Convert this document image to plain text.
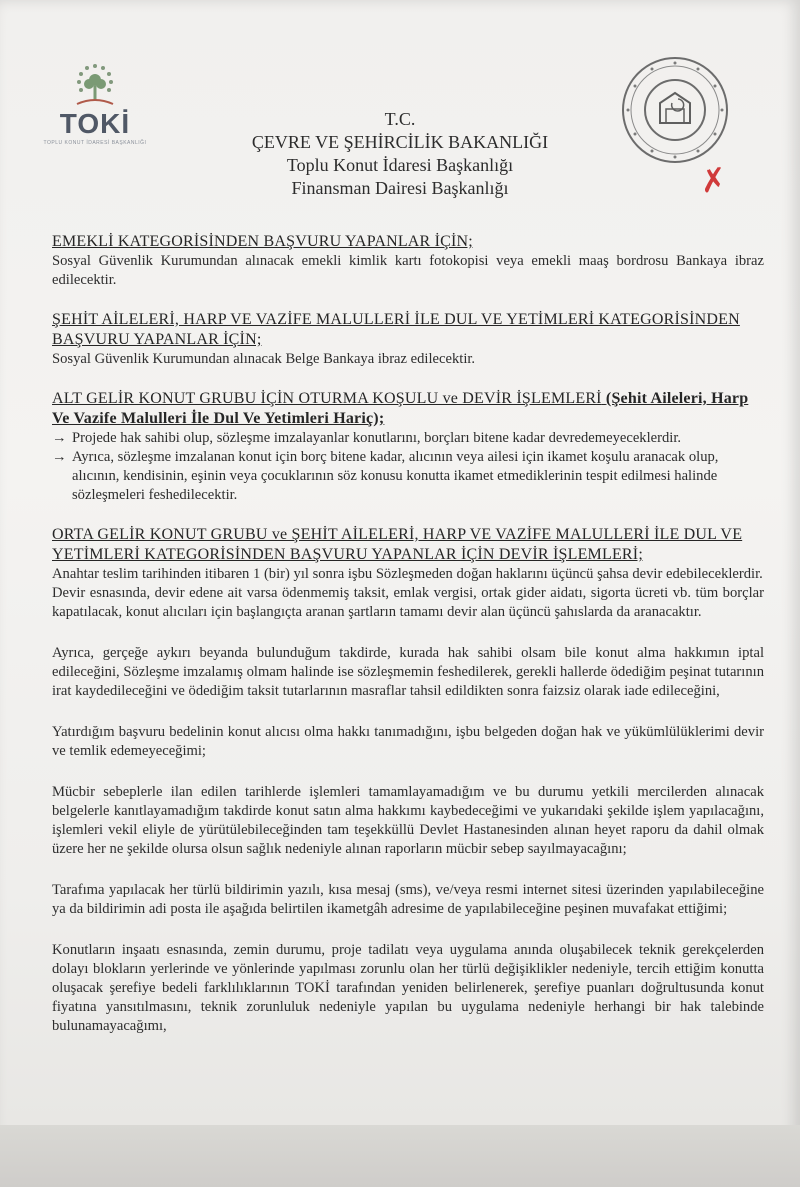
TOKİ
TOPLU KONUT İDARESİ BAŞKANLIĞI
T.C.
ÇEVRE VE ŞEHİRCİLİK BAKANLIĞI
Toplu Konut İdaresi Başkanlığı
Finansman Dairesi Başkanlığı	✗
EMEKLİ KATEGORİSİNDEN BAŞVURU YAPANLAR İÇİN;

Sosyal Güvenlik Kurumundan alınacak emekli kimlik kartı fotokopisi veya emekli maaş bordrosu Bankaya ibraz edilecektir.

ŞEHİT AİLELERİ, HARP VE VAZİFE MALULLERİ İLE DUL VE YETİMLERİ KATEGORİSİNDEN BAŞVURU YAPANLAR İÇİN;

Sosyal Güvenlik Kurumundan alınacak Belge Bankaya ibraz edilecektir.

ALT GELİR KONUT GRUBU İÇİN OTURMA KOŞULU ve DEVİR İŞLEMLERİ (Şehit Aileleri, Harp Ve Vazife Malulleri İle Dul Ve Yetimleri Hariç);
→ Projede hak sahibi olup, sözleşme imzalayanlar konutlarını, borçları bitene kadar devredemeyeceklerdir.
→ Ayrıca, sözleşme imzalanan konut için borç bitene kadar, alıcının veya ailesi için ikamet koşulu aranacak olup, alıcının, kendisinin, eşinin veya çocuklarının söz konusu konutta ikamet etmediklerinin tespit edilmesi halinde sözleşmeleri feshedilecektir.
ORTA GELİR KONUT GRUBU ve ŞEHİT AİLELERİ, HARP VE VAZİFE MALULLERİ İLE DUL VE YETİMLERİ KATEGORİSİNDEN BAŞVURU YAPANLAR İÇİN DEVİR İŞLEMLERİ;

Anahtar teslim tarihinden itibaren 1 (bir) yıl sonra işbu Sözleşmeden doğan haklarını üçüncü şahsa devir edebileceklerdir.

Devir esnasında, devir edene ait varsa ödenmemiş taksit, emlak vergisi, ortak gider aidatı, sigorta ücreti vb. tüm borçlar kapatılacak, konut alıcıları için başlangıçta aranan şartların tamamı devir alan üçüncü şahıslarda da aranacaktır.

Ayrıca, gerçeğe aykırı beyanda bulunduğum takdirde, kurada hak sahibi olsam bile konut alma hakkımın iptal edileceğini, Sözleşme imzalamış olmam halinde ise sözleşmemin feshedilerek, gerekli hallerde ödediğim peşinat tutarının irat kaydedileceğini ve ödediğim taksit tutarlarının masraflar tahsil edildikten sonra faizsiz olarak iade edileceğini,

Yatırdığım başvuru bedelinin konut alıcısı olma hakkı tanımadığını, işbu belgeden doğan hak ve yükümlülüklerimi devir ve temlik edemeyeceğimi;

Mücbir sebeplerle ilan edilen tarihlerde işlemleri tamamlayamadığım ve bu durumu yetkili mercilerden alınacak belgelerle kanıtlayamadığım takdirde konut satın alma hakkımı kaybedeceğimi ve yukarıdaki şekilde işlem yapılacağını, işlemleri vekil eliyle de yürütülebileceğinden tam teşekküllü Devlet Hastanesinden alınan heyet raporu da dahil olmak üzere her ne şekilde olursa olsun sağlık nedeniyle alınan raporların mücbir sebep sayılmayacağını;

Tarafıma yapılacak her türlü bildirimin yazılı, kısa mesaj (sms), ve/veya resmi internet sitesi üzerinden yapılabileceğine ya da bildirimin adi posta ile aşağıda belirtilen ikametgâh adresime de yapılabileceğine peşinen muvafakat ettiğimi;

Konutların inşaatı esnasında, zemin durumu, proje tadilatı veya uygulama anında oluşabilecek teknik gerekçelerden dolayı blokların yerlerinde ve yönlerinde yapılması zorunlu olan her türlü değişiklikler nedeniyle, tercih ettiğim konutta oluşacak şerefiye bedeli farklılıklarının TOKİ tarafından yeniden belirlenerek, şerefiye puanları doğrultusunda konut fiyatına yansıtılmasını, teknik zorunluluk nedeniyle yapılan bu uygulama nedeniyle herhangi bir hak talebinde bulunamayacağımı,
